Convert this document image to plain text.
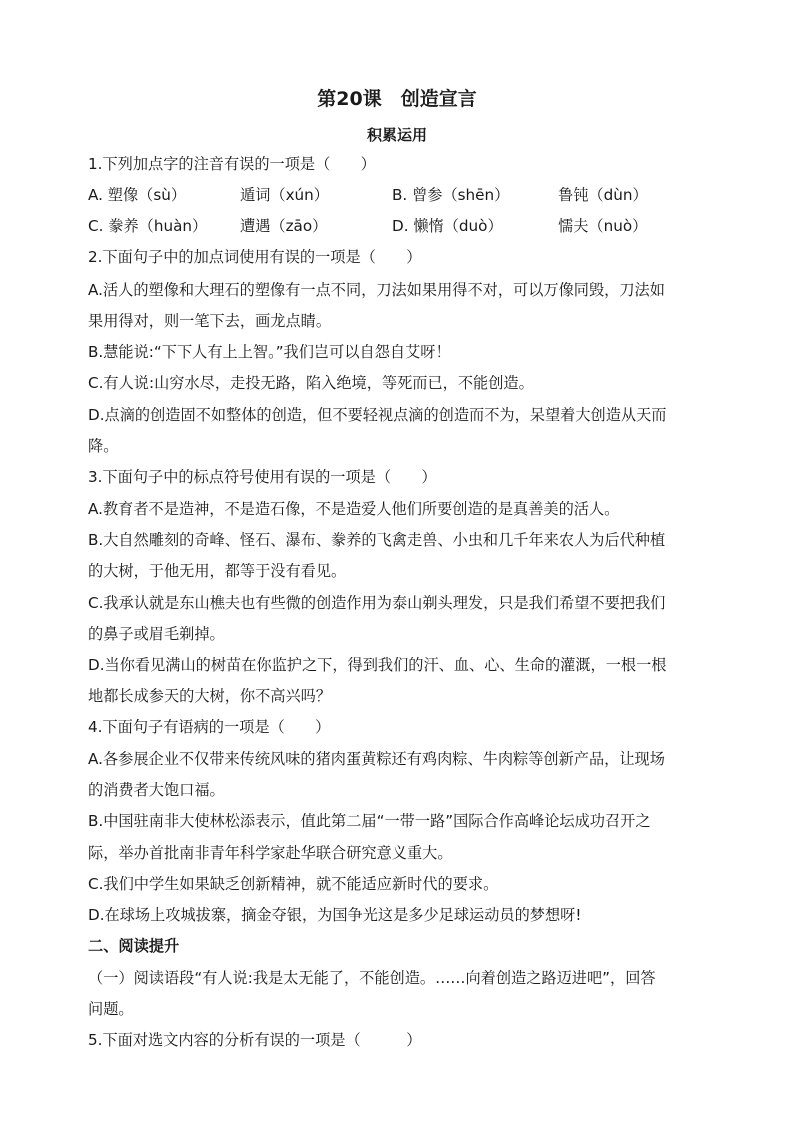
第20课　创造宣言
积累运用
1.下列加点字的注音有误的一项是（　　）
A. 塑像（sù）	遁词（xún）	B. 曾参（shēn）	鲁钝（dùn）
C. 豢养（huàn） 遭遇（zāo）	D. 懒惰（duò）	懦夫（nuò）
2.下面句子中的加点词使用有误的一项是（　　）
A.活人的塑像和大理石的塑像有一点不同，刀法如果用得不对，可以万像同毁，刀法如
果用得对，则一笔下去，画龙点睛。
B.慧能说:“下下人有上上智。”我们岂可以自怨自艾呀！
C.有人说:山穷水尽，走投无路，陷入绝境，等死而已，不能创造。
D.点滴的创造固不如整体的创造，但不要轻视点滴的创造而不为，呆望着大创造从天而
降。
3.下面句子中的标点符号使用有误的一项是（　　）
A.教育者不是造神，不是造石像，不是造爱人他们所要创造的是真善美的活人。
B.大自然雕刻的奇峰、怪石、瀑布、豢养的飞禽走兽、小虫和几千年来农人为后代种植
的大树，于他无用，都等于没有看见。
C.我承认就是东山樵夫也有些微的创造作用为泰山剃头理发，只是我们希望不要把我们
的鼻子或眉毛剃掉。
D.当你看见满山的树苗在你监护之下，得到我们的汗、血、心、生命的灌溉，一根一根
地都长成参天的大树，你不高兴吗？
4.下面句子有语病的一项是（　　）
A.各参展企业不仅带来传统风味的猪肉蛋黄粽还有鸡肉粽、牛肉粽等创新产品，让现场
的消费者大饱口福。
B.中国驻南非大使林松添表示，值此第二届“一带一路”国际合作高峰论坛成功召开之
际，举办首批南非青年科学家赴华联合研究意义重大。
C.我们中学生如果缺乏创新精神，就不能适应新时代的要求。
D.在球场上攻城拔寨，摘金夺银，为国争光这是多少足球运动员的梦想呀!
二、阅读提升
（一）阅读语段“有人说:我是太无能了，不能创造。……向着创造之路迈进吧”，回答
问题。
5.下面对选文内容的分析有误的一项是（　　　）
